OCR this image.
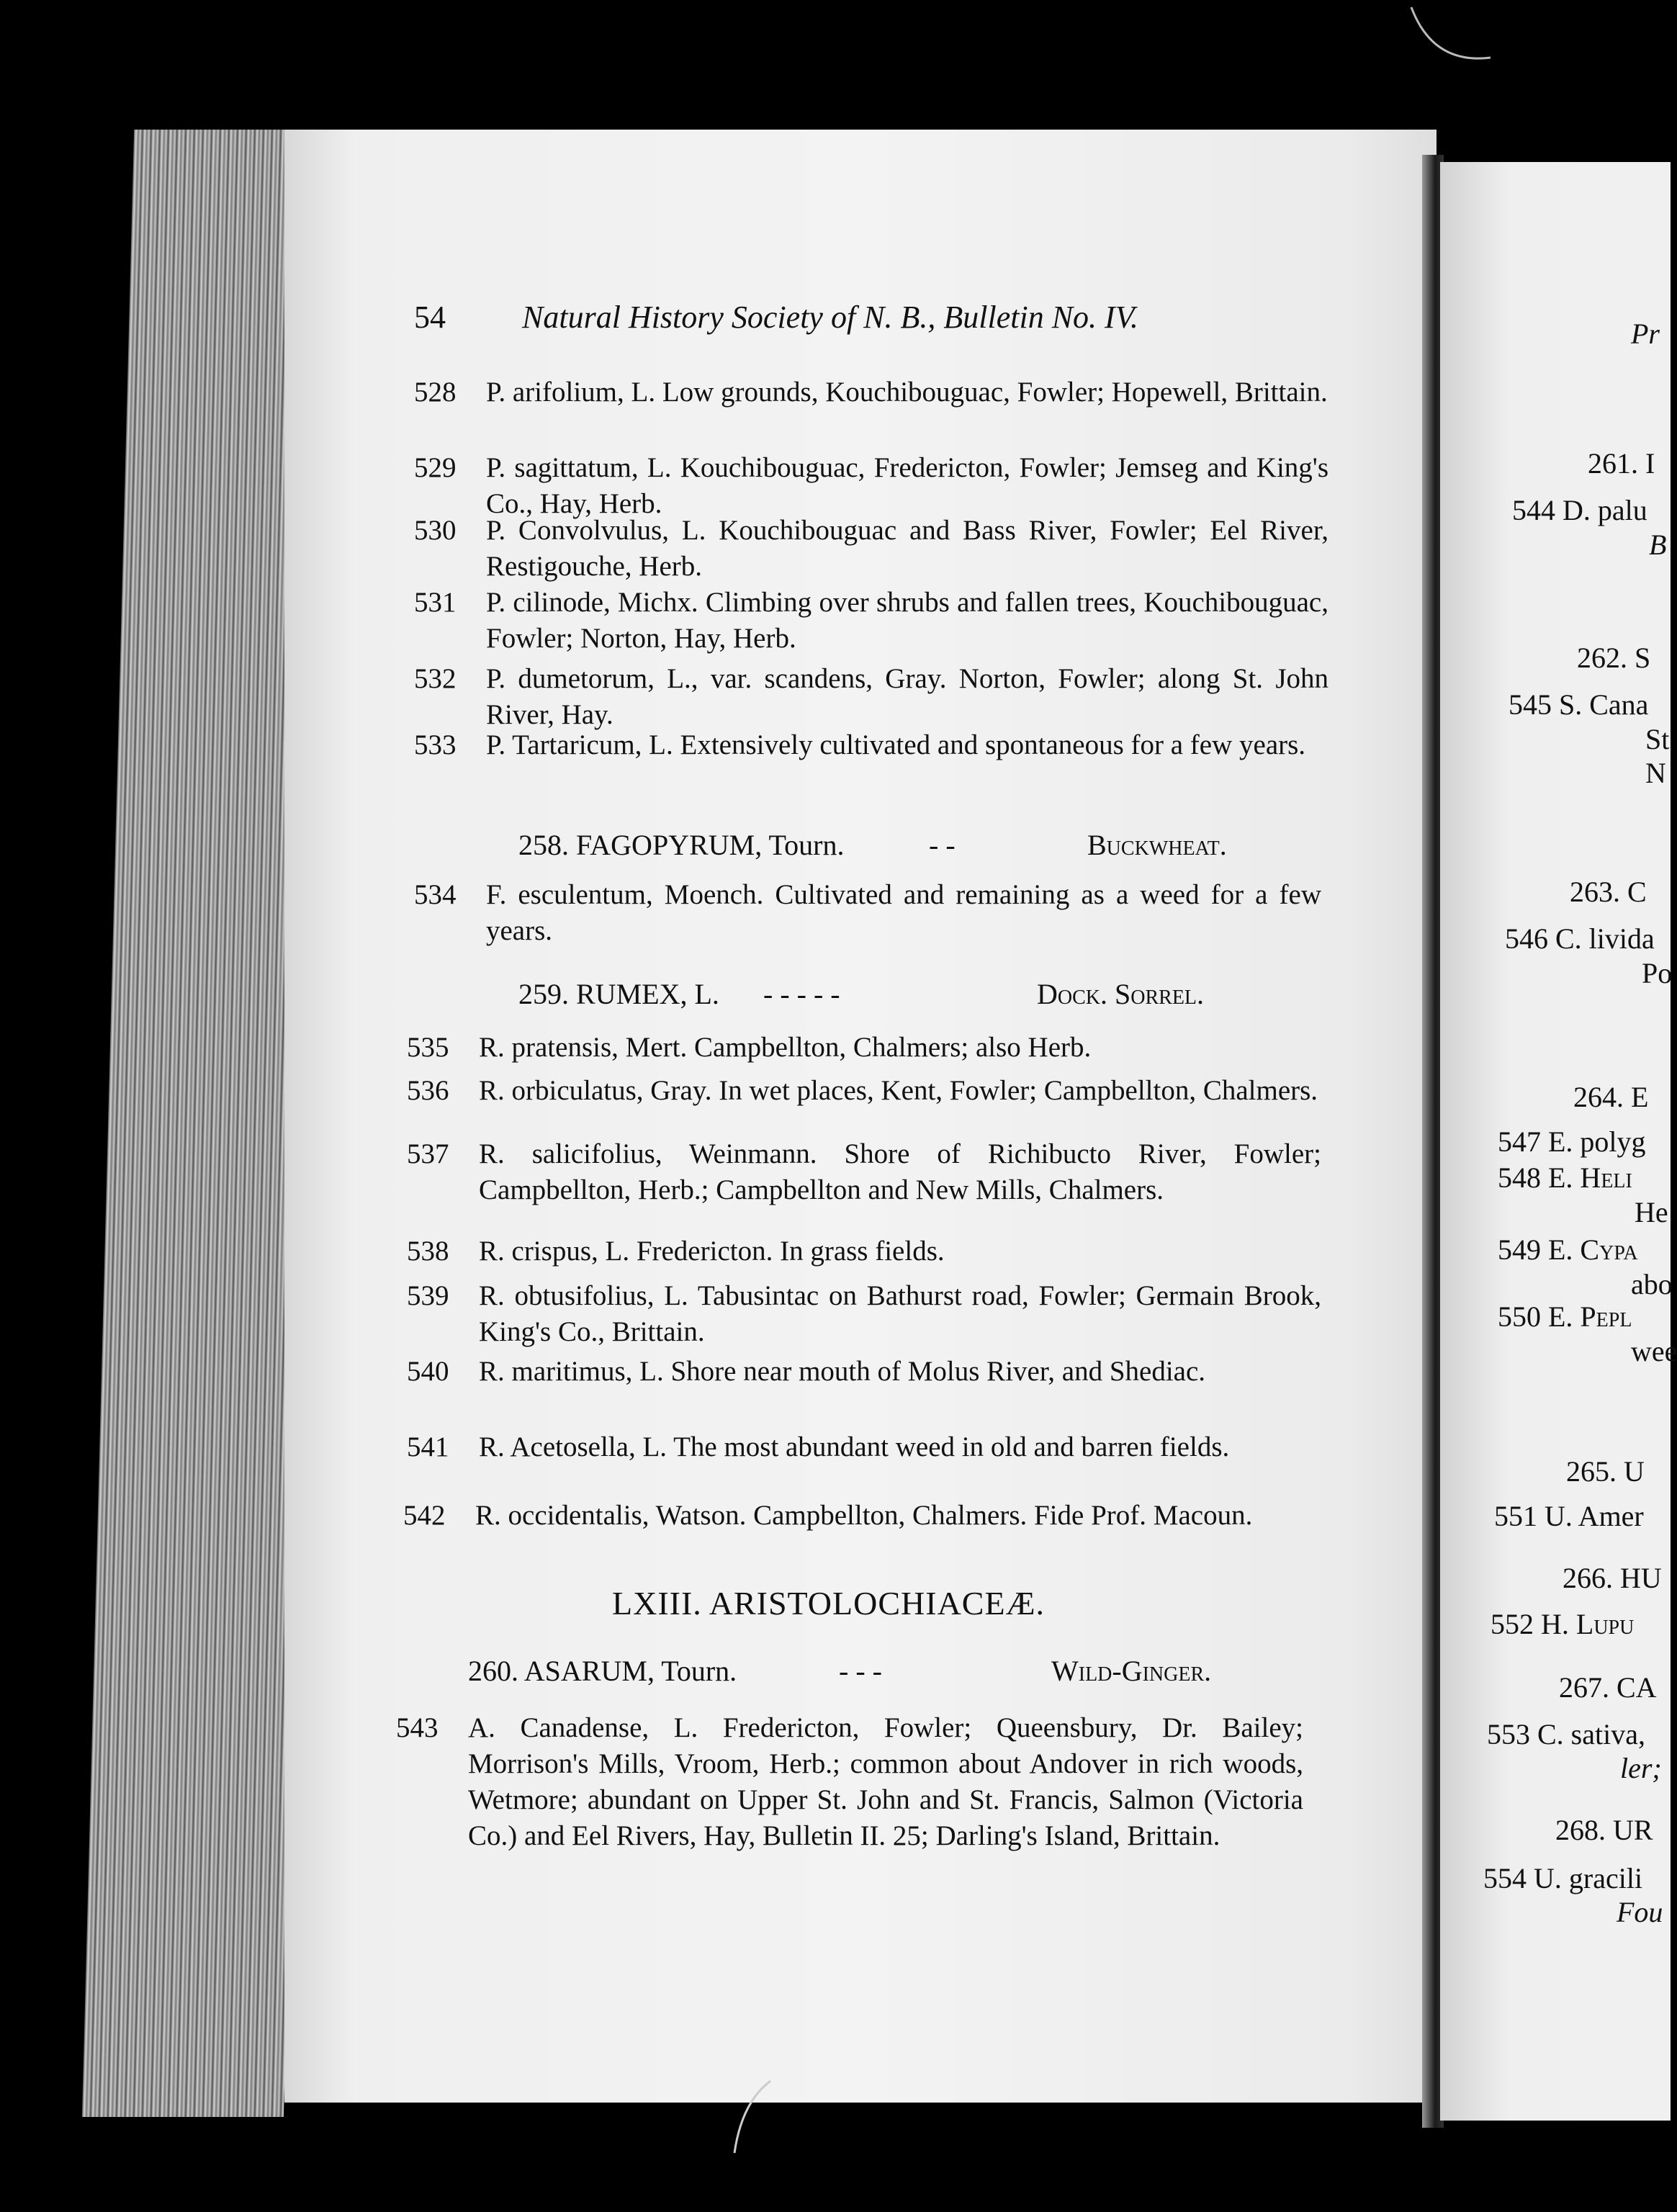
54 Natural History Society of N. B., Bulletin No. IV.
528 P. arifolium, L. Low grounds, Kouchibouguac, Fowler; Hopewell, Brittain.
529 P. sagittatum, L. Kouchibouguac, Fredericton, Fowler; Jemseg and King's Co., Hay, Herb.
530 P. Convolvulus, L. Kouchibouguac and Bass River, Fowler; Eel River, Restigouche, Herb.
531 P. cilinode, Michx. Climbing over shrubs and fallen trees, Kouchibouguac, Fowler; Norton, Hay, Herb.
532 P. dumetorum, L., var. scandens, Gray. Norton, Fowler; along St. John River, Hay.
533 P. Tartaricum, L. Extensively cultivated and spontaneous for a few years.
258. FAGOPYRUM, Tourn.	- -	Buckwheat.
534 F. esculentum, Moench. Cultivated and remaining as a weed for a few years.
259. RUMEX, L. - - - - -	Dock. Sorrel.
535 R. pratensis, Mert. Campbellton, Chalmers; also Herb.
536 R. orbiculatus, Gray. In wet places, Kent, Fowler; Campbellton, Chalmers.
537 R. salicifolius, Weinmann. Shore of Richibucto River, Fowler; Campbellton, Herb.; Campbellton and New Mills, Chalmers.
538 R. crispus, L. Fredericton. In grass fields.
539 R. obtusifolius, L. Tabusintac on Bathurst road, Fowler; Germain Brook, King's Co., Brittain.
540 R. maritimus, L. Shore near mouth of Molus River, and Shediac.
541 R. Acetosella, L. The most abundant weed in old and barren fields.
542 R. occidentalis, Watson. Campbellton, Chalmers. Fide Prof. Macoun.
LXIII. ARISTOLOCHIACEÆ.
260. ASARUM, Tourn.	- - -	Wild-Ginger.
543 A. Canadense, L. Fredericton, Fowler; Queensbury, Dr. Bailey; Morrison's Mills, Vroom, Herb.; common about Andover in rich woods, Wetmore; abundant on Upper St. John and St. Francis, Salmon (Victoria Co.) and Eel Rivers, Hay, Bulletin II. 25; Darling's Island, Brittain.
Pr
261. I
544 D. palu
B
262. S
545 S. Cana
St
N
263. C
546 C. livida
Po
264. E
547 E. polyg
548 E. Heli
He
549 E. Cypa
abo
550 E. Pepl
wee
265. U
551 U. Amer
266. HU
552 H. Lupu
267. CA
553 C. sativa,
ler;
268. UR
554 U. gracili
Fou
